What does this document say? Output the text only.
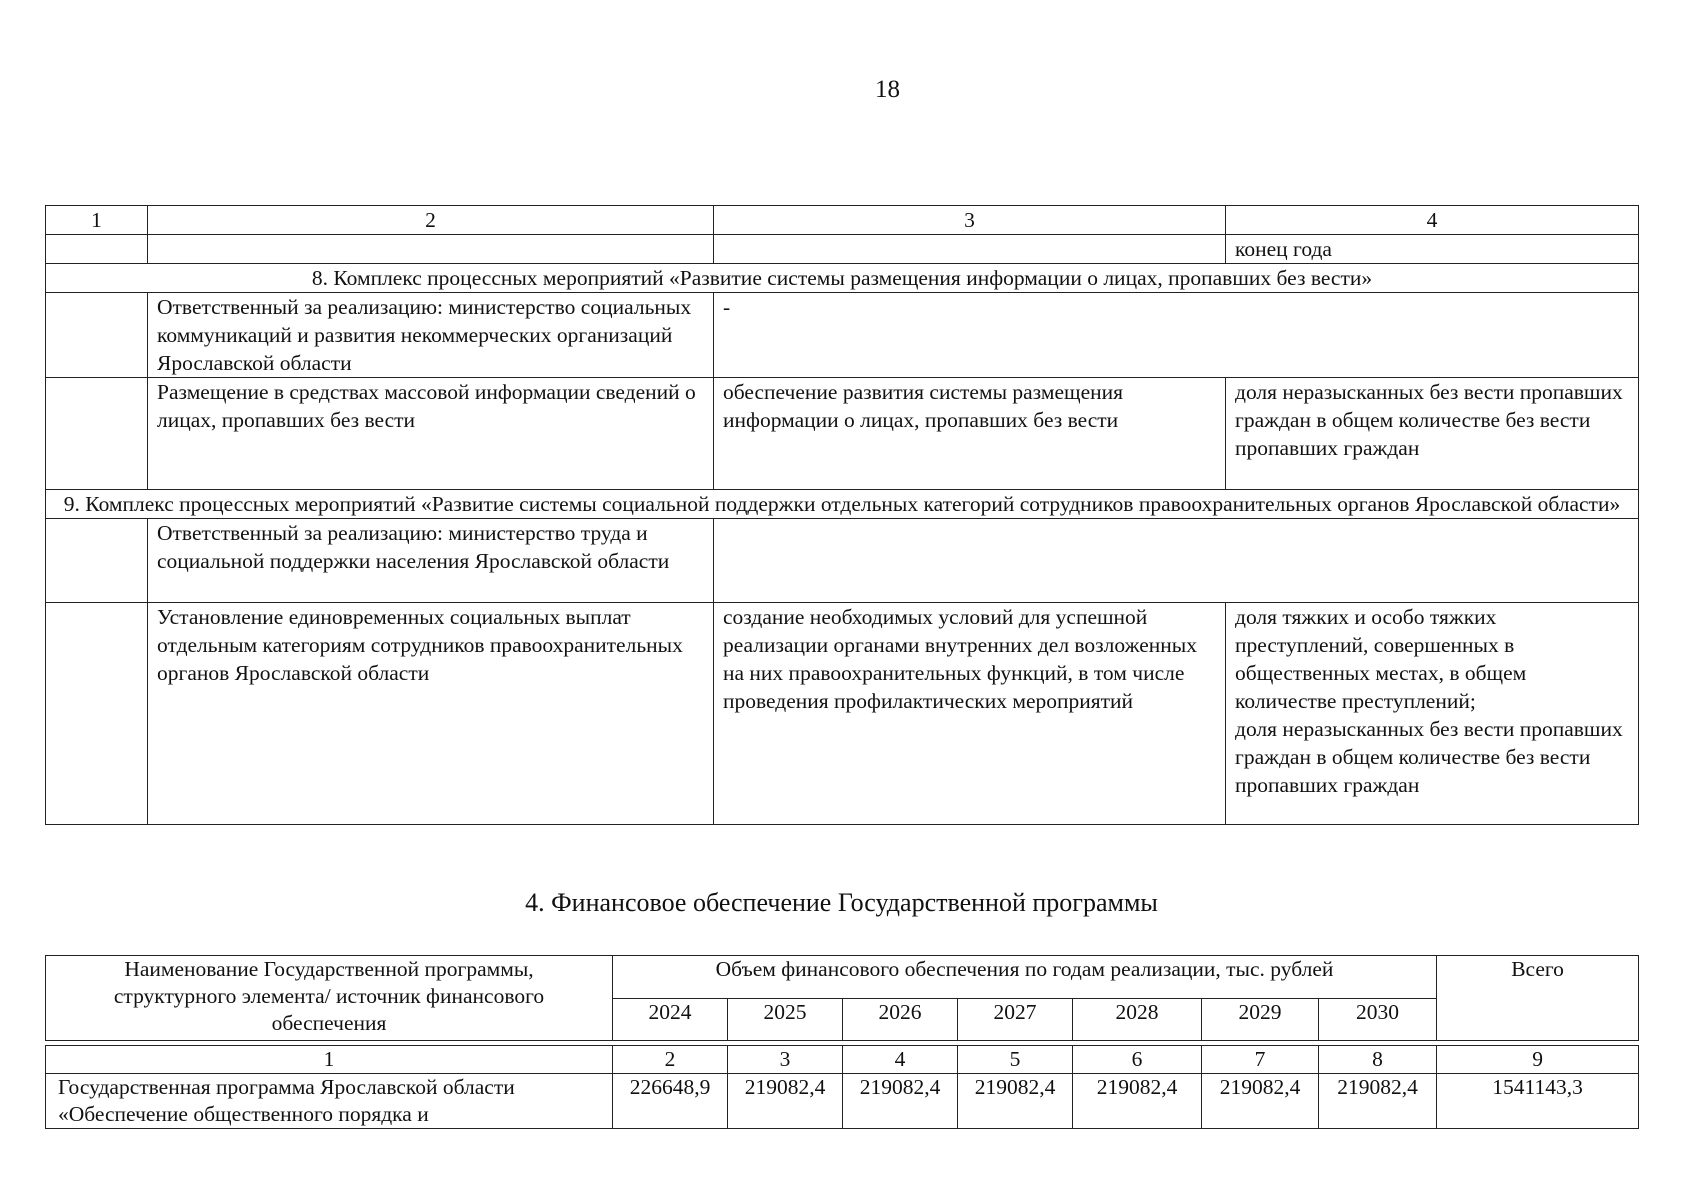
18
1	2	3	4
			конец года
8. Комплекс процессных мероприятий «Развитие системы размещения информации о лицах, пропавших без вести»			
	Ответственный за реализацию: министерство социальных коммуникаций и развития некоммерческих организаций Ярославской области	-	
	Размещение в средствах массовой информации сведений о лицах, пропавших без вести	обеспечение развития системы размещения информации о лицах, пропавших без вести	доля неразысканных без вести пропавших граждан в общем количестве без вести пропавших граждан
9. Комплекс процессных мероприятий «Развитие системы социальной поддержки отдельных категорий сотрудников правоохранительных органов Ярославской области»			
	Ответственный за реализацию: министерство труда и социальной поддержки населения Ярославской области		
	Установление единовременных социальных выплат отдельным категориям сотрудников правоохранительных органов Ярославской области	создание необходимых условий для успешной реализации органами внутренних дел возложенных на них правоохранительных функций, в том числе проведения профилактических мероприятий	доля тяжких и особо тяжких преступлений, совершенных в общественных местах, в общем количестве преступлений;
доля неразысканных без вести пропавших граждан в общем количестве без вести пропавших граждан
4. Финансовое обеспечение Государственной программы
Наименование Государственной программы, структурного элемента/ источник финансового обеспечения	Объем финансового обеспечения по годам реализации, тыс. рублей							Всего
	2024	2025	2026	2027	2028	2029	2030	

1	2	3	4	5	6	7	8	9
Государственная программа Ярославской области «Обеспечение общественного порядка и	226648,9	219082,4	219082,4	219082,4	219082,4	219082,4	219082,4	1541143,3
